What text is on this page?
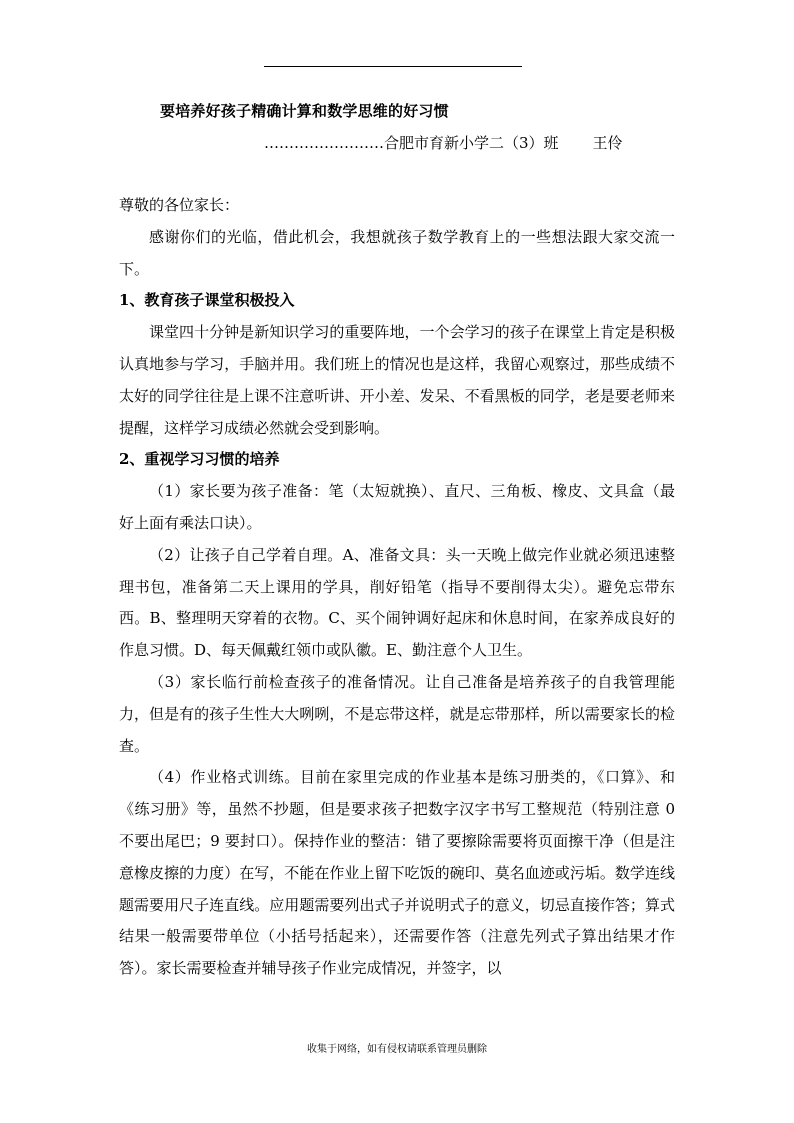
要培养好孩子精确计算和数学思维的好习惯
……………………合肥市育新小学二（3）班 王伶

尊敬的各位家长：

感谢你们的光临，借此机会，我想就孩子数学教育上的一些想法跟大家交流一下。

1、教育孩子课堂积极投入

课堂四十分钟是新知识学习的重要阵地，一个会学习的孩子在课堂上肯定是积极认真地参与学习，手脑并用。我们班上的情况也是这样，我留心观察过，那些成绩不太好的同学往往是上课不注意听讲、开小差、发呆、不看黑板的同学，老是要老师来提醒，这样学习成绩必然就会受到影响。

2、重视学习习惯的培养

（1）家长要为孩子准备：笔（太短就换）、直尺、三角板、橡皮、文具盒（最好上面有乘法口诀）。

（2）让孩子自己学着自理。A、准备文具：头一天晚上做完作业就必须迅速整理书包，准备第二天上课用的学具，削好铅笔（指导不要削得太尖）。避免忘带东西。B、整理明天穿着的衣物。C、买个闹钟调好起床和休息时间，在家养成良好的作息习惯。D、每天佩戴红领巾或队徽。E、勤注意个人卫生。

（3）家长临行前检查孩子的准备情况。让自己准备是培养孩子的自我管理能力，但是有的孩子生性大大咧咧，不是忘带这样，就是忘带那样，所以需要家长的检查。

（4）作业格式训练。目前在家里完成的作业基本是练习册类的，《口算》、和《练习册》等，虽然不抄题，但是要求孩子把数字汉字书写工整规范（特别注意 0 不要出尾巴；9 要封口）。保持作业的整洁：错了要擦除需要将页面擦干净（但是注意橡皮擦的力度）在写，不能在作业上留下吃饭的碗印、莫名血迹或污垢。数学连线题需要用尺子连直线。应用题需要列出式子并说明式子的意义，切忌直接作答；算式结果一般需要带单位（小括号括起来），还需要作答（注意先列式子算出结果才作答）。家长需要检查并辅导孩子作业完成情况，并签字，以

收集于网络，如有侵权请联系管理员删除
